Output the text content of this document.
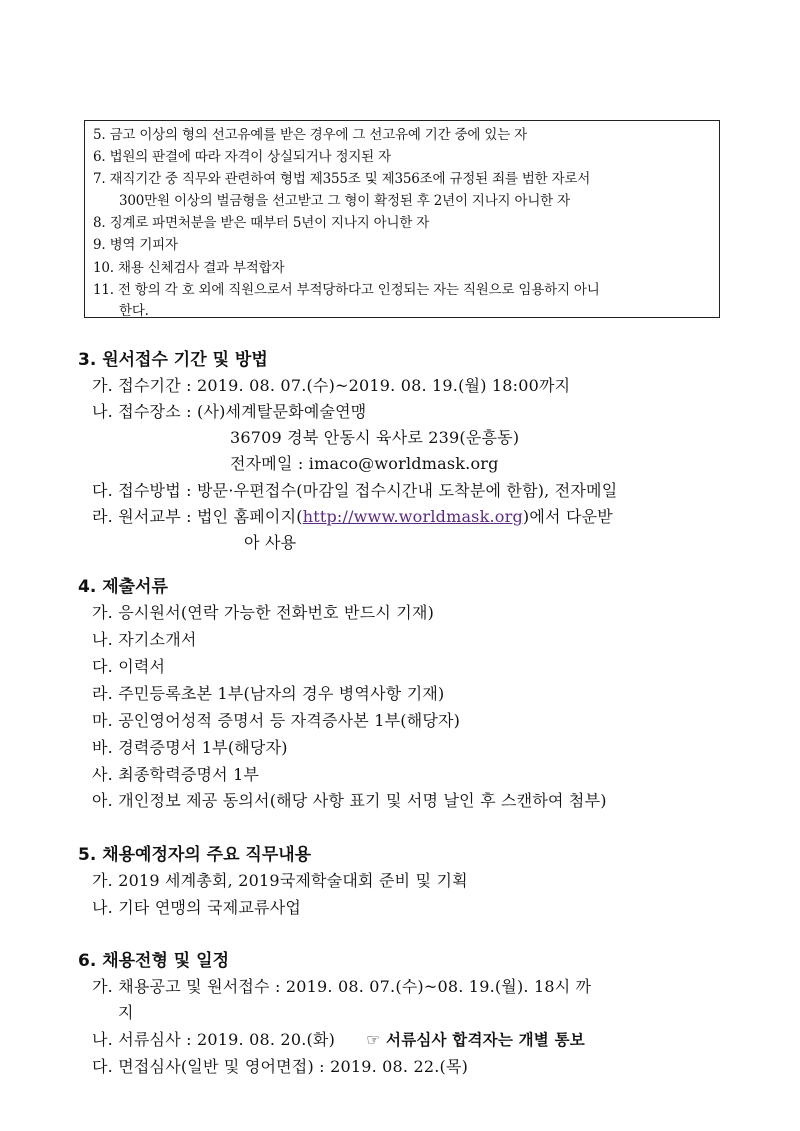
5. 금고 이상의 형의 선고유예를 받은 경우에 그 선고유예 기간 중에 있는 자
6. 법원의 판결에 따라 자격이 상실되거나 정지된 자
7. 재직기간 중 직무와 관련하여 형법 제355조 및 제356조에 규정된 죄를 범한 자로서
300만원 이상의 벌금형을 선고받고 그 형이 확정된 후 2년이 지나지 아니한 자
8. 징계로 파면처분을 받은 때부터 5년이 지나지 아니한 자
9. 병역 기피자
10. 채용 신체검사 결과 부적합자
11. 전 항의 각 호 외에 직원으로서 부적당하다고 인정되는 자는 직원으로 임용하지 아니
한다.
3. 원서접수 기간 및 방법
가. 접수기간 : 2019. 08. 07.(수)~2019. 08. 19.(월) 18:00까지
나. 접수장소 : (사)세계탈문화예술연맹
36709 경북 안동시 육사로 239(운흥동)
전자메일 : imaco@worldmask.org
다. 접수방법 : 방문·우편접수(마감일 접수시간내 도착분에 한함), 전자메일
라. 원서교부 : 법인 홈페이지(http://www.worldmask.org)에서 다운받
아 사용
4. 제출서류
가. 응시원서(연락 가능한 전화번호 반드시 기재)
나. 자기소개서
다. 이력서
라. 주민등록초본 1부(남자의 경우 병역사항 기재)
마. 공인영어성적 증명서 등 자격증사본 1부(해당자)
바. 경력증명서 1부(해당자)
사. 최종학력증명서 1부
아. 개인정보 제공 동의서(해당 사항 표기 및 서명 날인 후 스캔하여 첨부)
5. 채용예정자의 주요 직무내용
가. 2019 세계총회, 2019국제학술대회 준비 및 기획
나. 기타 연맹의 국제교류사업
6. 채용전형 및 일정
가. 채용공고 및 원서접수 : 2019. 08. 07.(수)~08. 19.(월). 18시 까
지
나. 서류심사 : 2019. 08. 20.(화) ☞ 서류심사 합격자는 개별 통보
다. 면접심사(일반 및 영어면접) : 2019. 08. 22.(목)
